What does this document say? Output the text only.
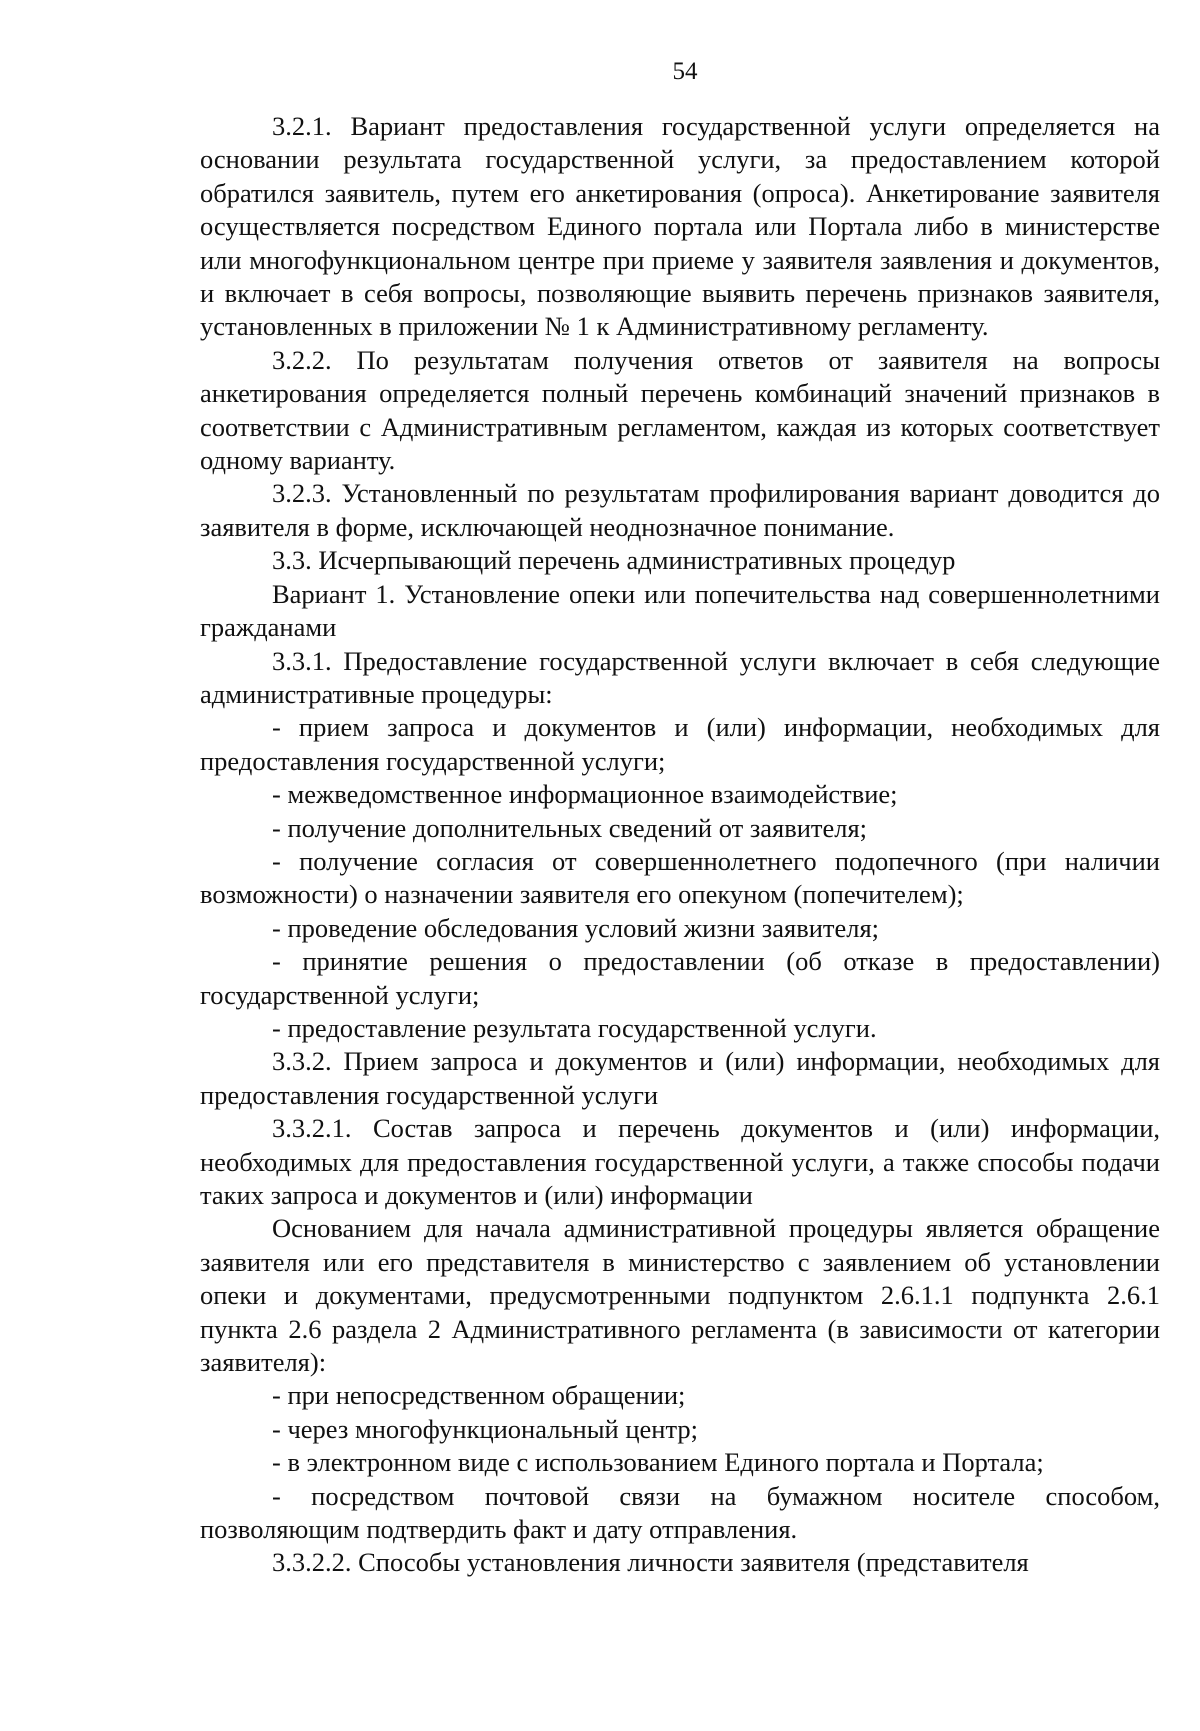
54

3.2.1. Вариант предоставления государственной услуги определяется на основании результата государственной услуги, за предоставлением которой обратился заявитель, путем его анкетирования (опроса). Анкетирование заявителя осуществляется посредством Единого портала или Портала либо в министерстве или многофункциональном центре при приеме у заявителя заявления и документов, и включает в себя вопросы, позволяющие выявить перечень признаков заявителя, установленных в приложении № 1 к Административному регламенту.

3.2.2. По результатам получения ответов от заявителя на вопросы анкетирования определяется полный перечень комбинаций значений признаков в соответствии с Административным регламентом, каждая из которых соответствует одному варианту.

3.2.3. Установленный по результатам профилирования вариант доводится до заявителя в форме, исключающей неоднозначное понимание.

3.3. Исчерпывающий перечень административных процедур

Вариант 1. Установление опеки или попечительства над совершеннолетними гражданами

3.3.1. Предоставление государственной услуги включает в себя следующие административные процедуры:

- прием запроса и документов и (или) информации, необходимых для предоставления государственной услуги;

- межведомственное информационное взаимодействие;

- получение дополнительных сведений от заявителя;

- получение согласия от совершеннолетнего подопечного (при наличии возможности) о назначении заявителя его опекуном (попечителем);

- проведение обследования условий жизни заявителя;

- принятие решения о предоставлении (об отказе в предоставлении) государственной услуги;

- предоставление результата государственной услуги.

3.3.2. Прием запроса и документов и (или) информации, необходимых для предоставления государственной услуги

3.3.2.1. Состав запроса и перечень документов и (или) информации, необходимых для предоставления государственной услуги, а также способы подачи таких запроса и документов и (или) информации

Основанием для начала административной процедуры является обращение заявителя или его представителя в министерство с заявлением об установлении опеки и документами, предусмотренными подпунктом 2.6.1.1 подпункта 2.6.1 пункта 2.6 раздела 2 Административного регламента (в зависимости от категории заявителя):

- при непосредственном обращении;

- через многофункциональный центр;

- в электронном виде с использованием Единого портала и Портала;

- посредством почтовой связи на бумажном носителе способом, позволяющим подтвердить факт и дату отправления.

3.3.2.2. Способы установления личности заявителя (представителя
